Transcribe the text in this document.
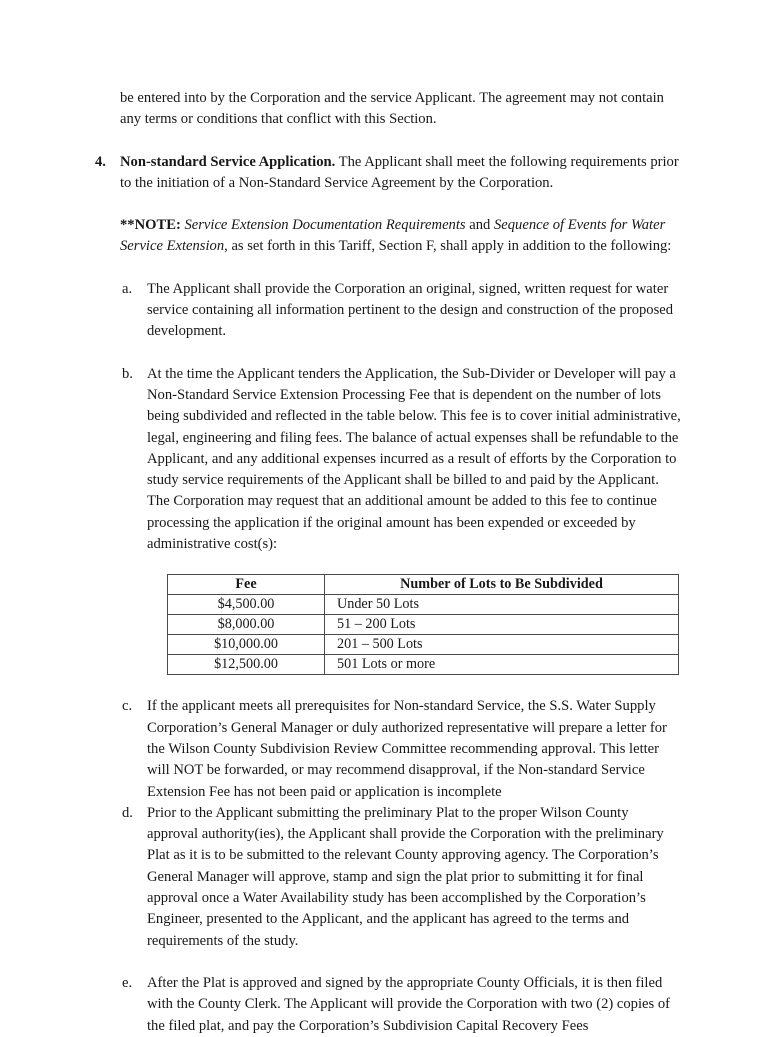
be entered into by the Corporation and the service Applicant. The agreement may not contain any terms or conditions that conflict with this Section.

4. Non-standard Service Application. The Applicant shall meet the following requirements prior to the initiation of a Non-Standard Service Agreement by the Corporation.
**NOTE: Service Extension Documentation Requirements and Sequence of Events for Water Service Extension, as set forth in this Tariff, Section F, shall apply in addition to the following:
a. The Applicant shall provide the Corporation an original, signed, written request for water service containing all information pertinent to the design and construction of the proposed development.
b. At the time the Applicant tenders the Application, the Sub-Divider or Developer will pay a Non-Standard Service Extension Processing Fee that is dependent on the number of lots being subdivided and reflected in the table below. This fee is to cover initial administrative, legal, engineering and filing fees. The balance of actual expenses shall be refundable to the Applicant, and any additional expenses incurred as a result of efforts by the Corporation to study service requirements of the Applicant shall be billed to and paid by the Applicant. The Corporation may request that an additional amount be added to this fee to continue processing the application if the original amount has been expended or exceeded by administrative cost(s):
Fee	Number of Lots to Be Subdivided
$4,500.00	Under 50 Lots
$8,000.00	51 – 200 Lots
$10,000.00	201 – 500 Lots
$12,500.00	501 Lots or more
c. If the applicant meets all prerequisites for Non-standard Service, the S.S. Water Supply Corporation’s General Manager or duly authorized representative will prepare a letter for the Wilson County Subdivision Review Committee recommending approval. This letter will NOT be forwarded, or may recommend disapproval, if the Non-standard Service Extension Fee has not been paid or application is incomplete
d. Prior to the Applicant submitting the preliminary Plat to the proper Wilson County approval authority(ies), the Applicant shall provide the Corporation with the preliminary Plat as it is to be submitted to the relevant County approving agency. The Corporation’s General Manager will approve, stamp and sign the plat prior to submitting it for final approval once a Water Availability study has been accomplished by the Corporation’s Engineer, presented to the Applicant, and the applicant has agreed to the terms and requirements of the study.
e. After the Plat is approved and signed by the appropriate County Officials, it is then filed with the County Clerk. The Applicant will provide the Corporation with two (2) copies of the filed plat, and pay the Corporation’s Subdivision Capital Recovery Fees
